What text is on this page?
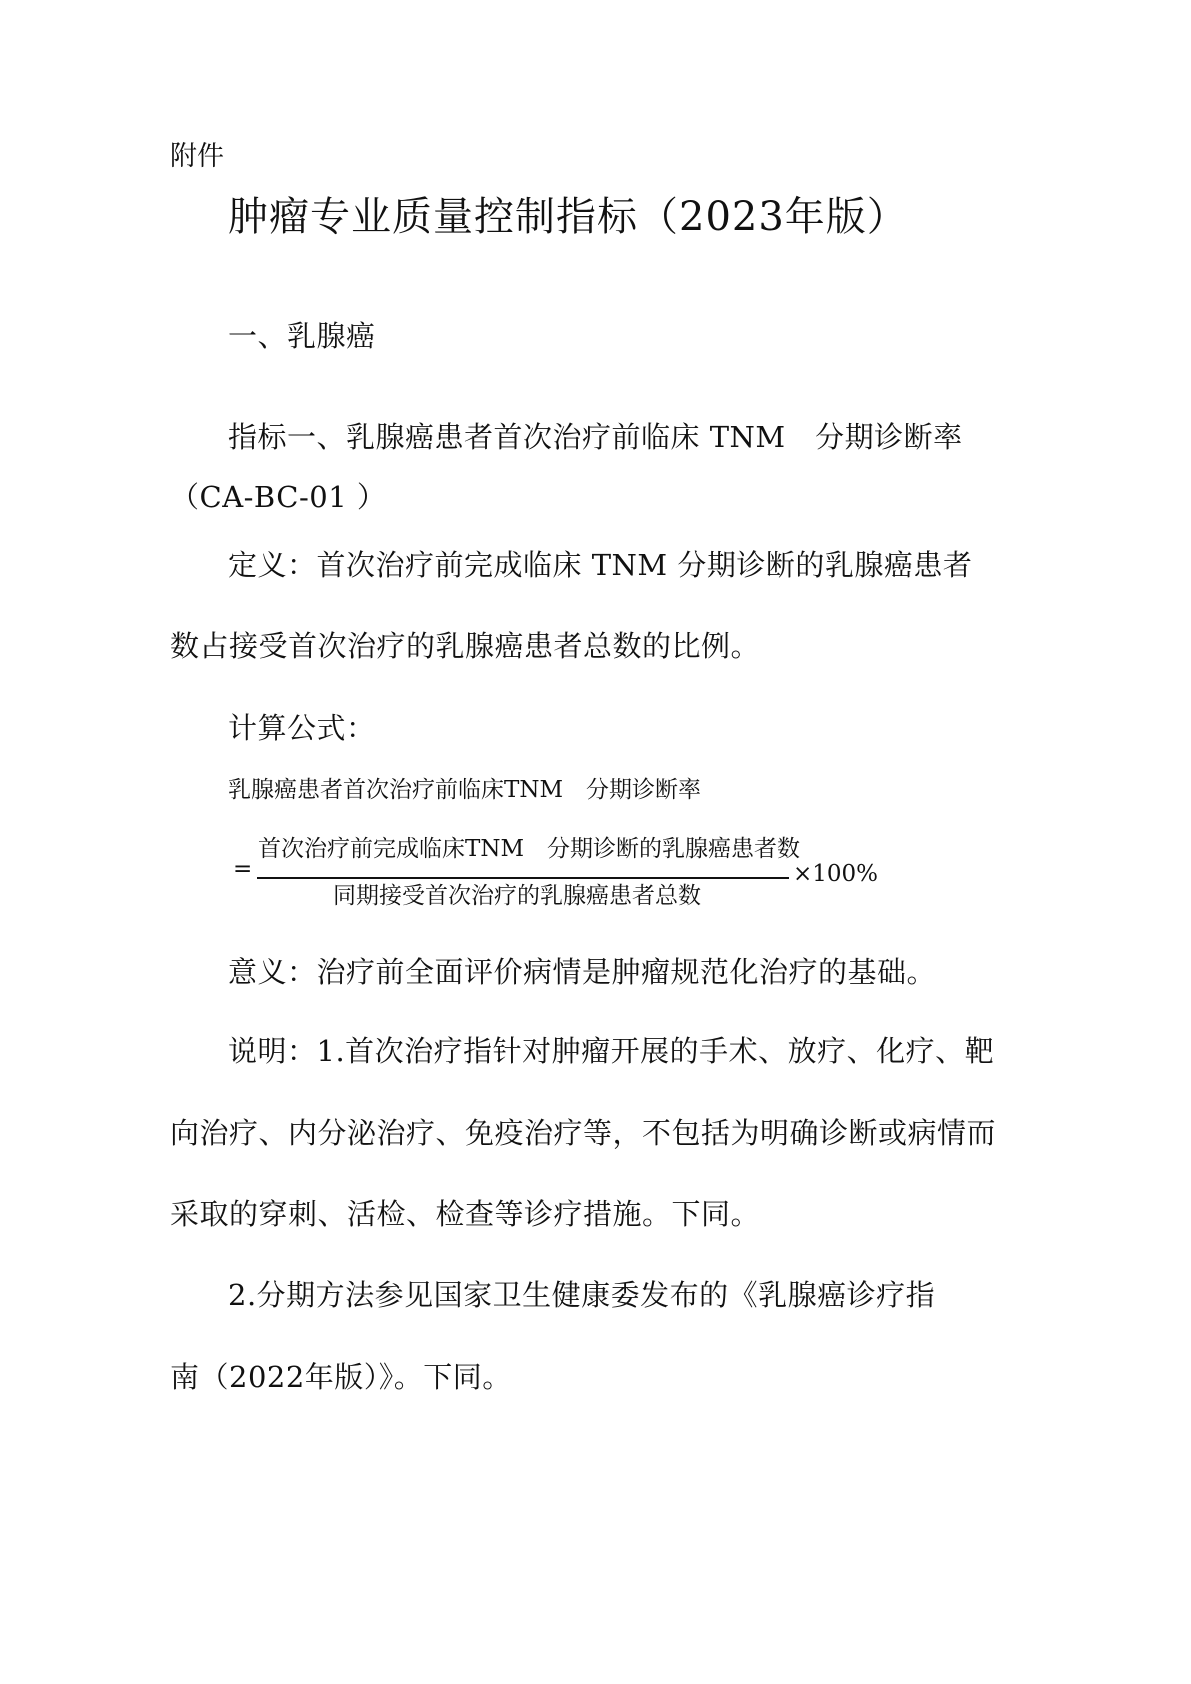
附件
肿瘤专业质量控制指标（2023年版）
一、乳腺癌
指标一、乳腺癌患者首次治疗前临床 TNM　分期诊断率
（CA-BC-01 ）
定义：首次治疗前完成临床 TNM 分期诊断的乳腺癌患者
数占接受首次治疗的乳腺癌患者总数的比例。
计算公式：
乳腺癌患者首次治疗前临床TNM　分期诊断率
=
首次治疗前完成临床TNM　分期诊断的乳腺癌患者数
同期接受首次治疗的乳腺癌患者总数
×100%
意义：治疗前全面评价病情是肿瘤规范化治疗的基础。
说明：1.首次治疗指针对肿瘤开展的手术、放疗、化疗、靶
向治疗、内分泌治疗、免疫治疗等，不包括为明确诊断或病情而
采取的穿刺、活检、检查等诊疗措施。下同。
2.分期方法参见国家卫生健康委发布的《乳腺癌诊疗指
南（2022年版）》。下同。
